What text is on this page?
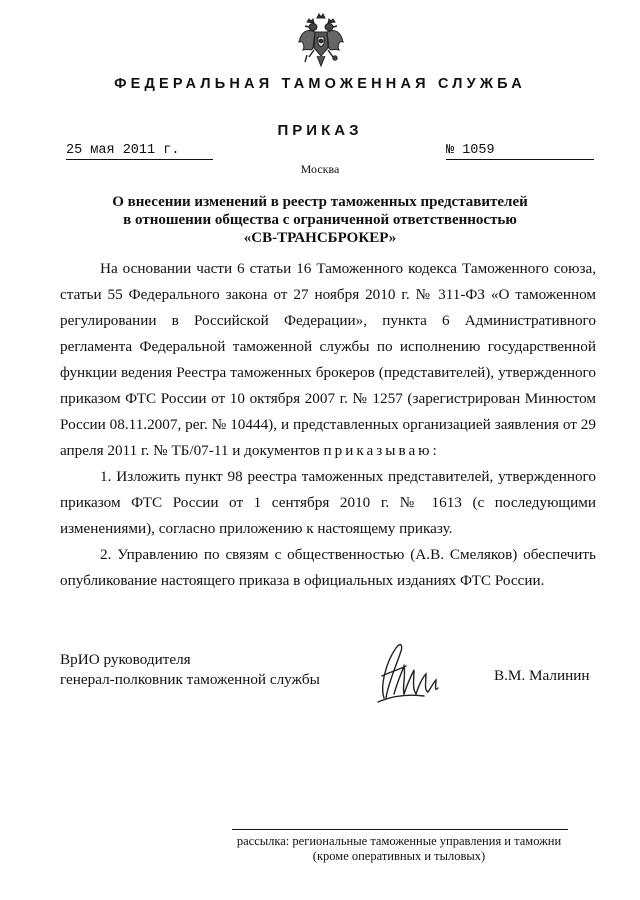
ФЕДЕРАЛЬНАЯ ТАМОЖЕННАЯ СЛУЖБА
ПРИКАЗ
25 мая 2011 г.	№ 1059
Москва
О внесении изменений в реестр таможенных представителей
в отношении общества с ограниченной ответственностью
«СВ-ТРАНСБРОКЕР»

На основании части 6 статьи 16 Таможенного кодекса Таможенного союза, статьи 55 Федерального закона от 27 ноября 2010 г. № 311-ФЗ «О таможенном регулировании в Российской Федерации», пункта 6 Административного регламента Федеральной таможенной службы по исполнению государственной функции ведения Реестра таможенных брокеров (представителей), утвержденного приказом ФТС России от 10 октября 2007 г. № 1257 (зарегистрирован Минюстом России 08.11.2007, рег. № 10444), и представленных организацией заявления от 29 апреля 2011 г. № ТБ/07-11 и документов приказываю:

1. Изложить пункт 98 реестра таможенных представителей, утвержденного приказом ФТС России от 1 сентября 2010 г. № 1613 (с последующими изменениями), согласно приложению к настоящему приказу.

2. Управлению по связям с общественностью (А.В. Смеляков) обеспечить опубликование настоящего приказа в официальных изданиях ФТС России.

ВрИО руководителя
генерал-полковник таможенной службы	В.М. Малинин
рассылка: региональные таможенные управления и таможни
(кроме оперативных и тыловых)
